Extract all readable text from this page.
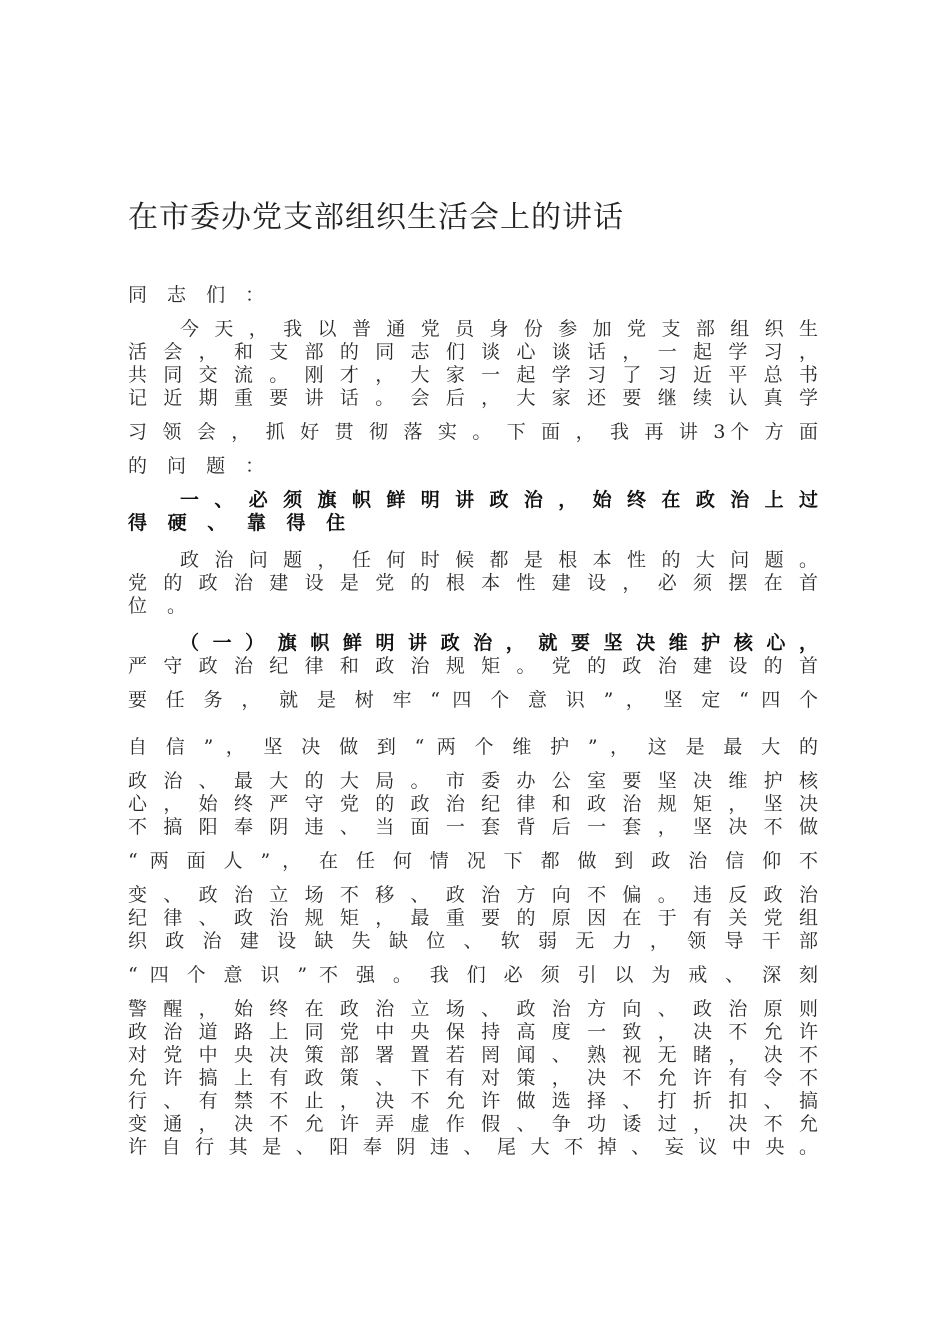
在市委办党支部组织生活会上的讲话
同 志 们 ：
今 天 ， 我 以 普 通 党 员 身 份 参 加 党 支 部 组 织 生
活 会 ， 和 支 部 的 同 志 们 谈 心 谈 话 ， 一 起 学 习 ，
共 同 交 流 。 刚 才 ， 大 家 一 起 学 习 了 习 近 平 总 书
记 近 期 重 要 讲 话 。 会 后 ， 大 家 还 要 继 续 认 真 学
习 领 会 ， 抓 好 贯 彻 落 实 。 下 面 ， 我 再 讲 3个 方 面
的 问 题 ：
一 、 必 须 旗 帜 鲜 明 讲 政 治 ， 始 终 在 政 治 上 过
得 硬 、 靠 得 住
政 治 问 题 ， 任 何 时 候 都 是 根 本 性 的 大 问 题 。
党 的 政 治 建 设 是 党 的 根 本 性 建 设 ， 必 须 摆 在 首
位 。
（ 一 ） 旗 帜 鲜 明 讲 政 治 ， 就 要 坚 决 维 护 核 心 ，
严 守 政 治 纪 律 和 政 治 规 矩 。 党 的 政 治 建 设 的 首
要 任 务 ， 就 是 树 牢 “ 四 个 意 识 ” ， 坚 定 “ 四 个
自 信 ” ， 坚 决 做 到 “ 两 个 维 护 ” ， 这 是 最 大 的
政 治 、 最 大 的 大 局 。 市 委 办 公 室 要 坚 决 维 护 核
心 ， 始 终 严 守 党 的 政 治 纪 律 和 政 治 规 矩 ， 坚 决
不 搞 阳 奉 阴 违 、 当 面 一 套 背 后 一 套 ， 坚 决 不 做
“ 两 面 人 ” ， 在 任 何 情 况 下 都 做 到 政 治 信 仰 不
变 、 政 治 立 场 不 移 、 政 治 方 向 不 偏 。 违 反 政 治
纪 律 、 政 治 规 矩 ， 最 重 要 的 原 因 在 于 有 关 党 组
织 政 治 建 设 缺 失 缺 位 、 软 弱 无 力 ， 领 导 干 部
“ 四 个 意 识 ” 不 强 。 我 们 必 须 引 以 为 戒 、 深 刻
警 醒 ， 始 终 在 政 治 立 场 、 政 治 方 向 、 政 治 原 则
政 治 道 路 上 同 党 中 央 保 持 高 度 一 致 ， 决 不 允 许
对 党 中 央 决 策 部 署 置 若 罔 闻 、 熟 视 无 睹 ， 决 不
允 许 搞 上 有 政 策 、 下 有 对 策 ， 决 不 允 许 有 令 不
行 、 有 禁 不 止 ， 决 不 允 许 做 选 择 、 打 折 扣 、 搞
变 通 ， 决 不 允 许 弄 虚 作 假 、 争 功 诿 过 ， 决 不 允
许 自 行 其 是 、 阳 奉 阴 违 、 尾 大 不 掉 、 妄 议 中 央 。
